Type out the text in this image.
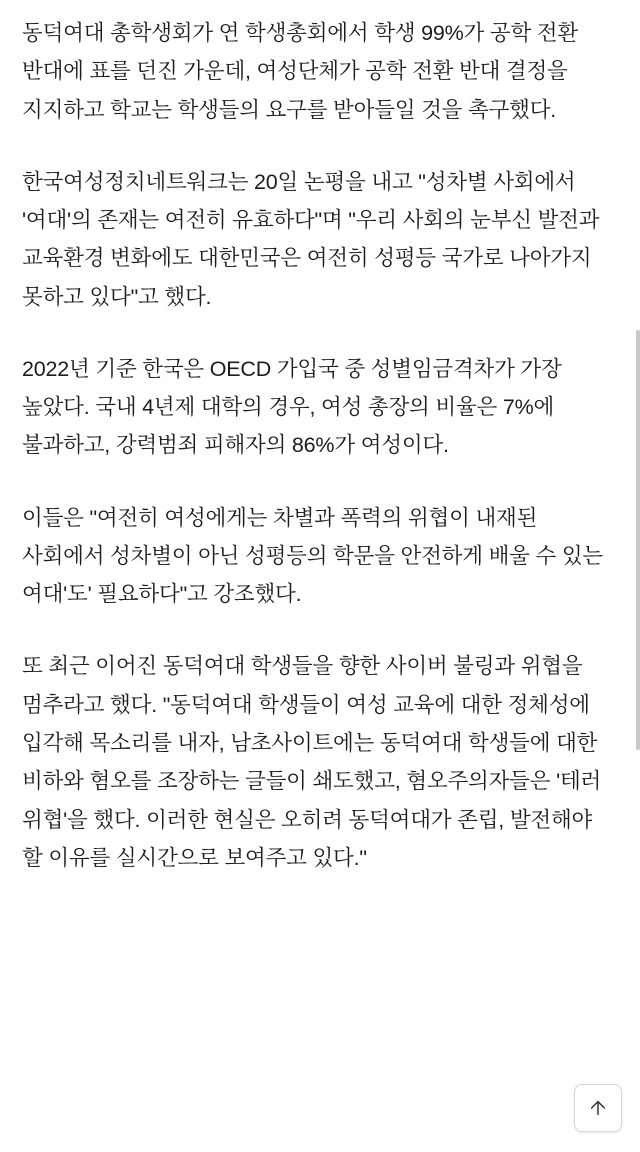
동덕여대 총학생회가 연 학생총회에서 학생 99%가 공학 전환 반대에 표를 던진 가운데, 여성단체가 공학 전환 반대 결정을 지지하고 학교는 학생들의 요구를 받아들일 것을 촉구했다.

한국여성정치네트워크는 20일 논평을 내고 "성차별 사회에서 '여대'의 존재는 여전히 유효하다"며 "우리 사회의 눈부신 발전과 교육환경 변화에도 대한민국은 여전히 성평등 국가로 나아가지 못하고 있다"고 했다.

2022년 기준 한국은 OECD 가입국 중 성별임금격차가 가장 높았다. 국내 4년제 대학의 경우, 여성 총장의 비율은 7%에 불과하고, 강력범죄 피해자의 86%가 여성이다.

이들은 "여전히 여성에게는 차별과 폭력의 위협이 내재된 사회에서 성차별이 아닌 성평등의 학문을 안전하게 배울 수 있는 여대'도' 필요하다"고 강조했다.

또 최근 이어진 동덕여대 학생들을 향한 사이버 불링과 위협을 멈추라고 했다. "동덕여대 학생들이 여성 교육에 대한 정체성에 입각해 목소리를 내자, 남초사이트에는 동덕여대 학생들에 대한 비하와 혐오를 조장하는 글들이 쇄도했고, 혐오주의자들은 '테러 위협'을 했다. 이러한 현실은 오히려 동덕여대가 존립, 발전해야 할 이유를 실시간으로 보여주고 있다."
